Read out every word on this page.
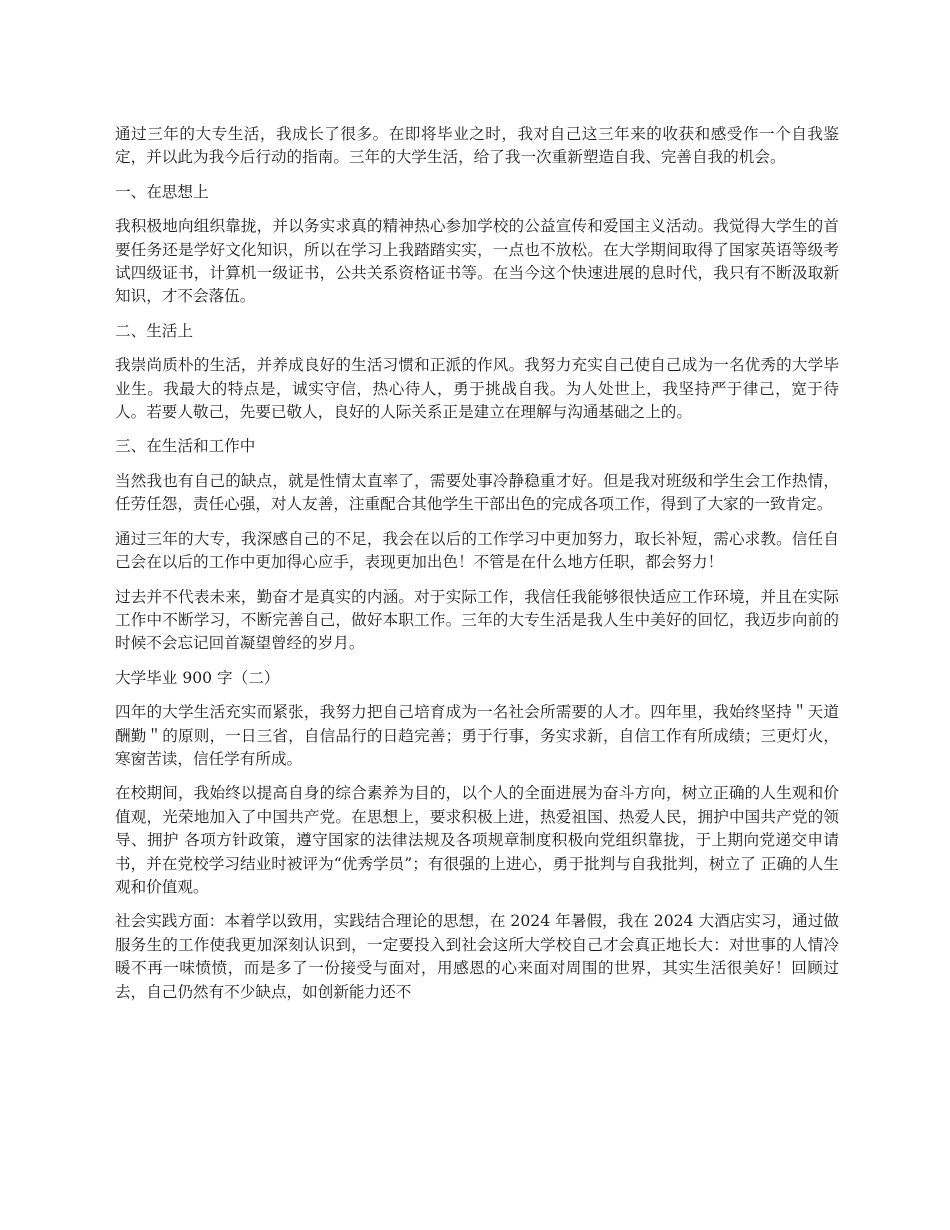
通过三年的大专生活，我成长了很多。在即将毕业之时，我对自己这三年来的收获和感受作一个自我鉴定，并以此为我今后行动的指南。三年的大学生活，给了我一次重新塑造自我、完善自我的机会。

一、在思想上

我积极地向组织靠拢，并以务实求真的精神热心参加学校的公益宣传和爱国主义活动。我觉得大学生的首要任务还是学好文化知识，所以在学习上我踏踏实实，一点也不放松。在大学期间取得了国家英语等级考试四级证书，计算机一级证书，公共关系资格证书等。在当今这个快速进展的息时代，我只有不断汲取新知识，才不会落伍。

二、生活上

我崇尚质朴的生活，并养成良好的生活习惯和正派的作风。我努力充实自己使自己成为一名优秀的大学毕业生。我最大的特点是，诚实守信，热心待人，勇于挑战自我。为人处世上，我坚持严于律己，宽于待人。若要人敬己，先要已敬人，良好的人际关系正是建立在理解与沟通基础之上的。

三、在生活和工作中

当然我也有自己的缺点，就是性情太直率了，需要处事冷静稳重才好。但是我对班级和学生会工作热情，任劳任怨，责任心强，对人友善，注重配合其他学生干部出色的完成各项工作，得到了大家的一致肯定。

通过三年的大专，我深感自己的不足，我会在以后的工作学习中更加努力，取长补短，需心求教。信任自己会在以后的工作中更加得心应手，表现更加出色！不管是在什么地方任职，都会努力！

过去并不代表未来，勤奋才是真实的内涵。对于实际工作，我信任我能够很快适应工作环境，并且在实际工作中不断学习，不断完善自己，做好本职工作。三年的大专生活是我人生中美好的回忆，我迈步向前的时候不会忘记回首凝望曾经的岁月。

大学毕业 900 字（二）

四年的大学生活充实而紧张，我努力把自己培育成为一名社会所需要的人才。四年里，我始终坚持＂天道酬勤＂的原则，一日三省，自信品行的日趋完善；勇于行事，务实求新，自信工作有所成绩；三更灯火，寒窗苦读，信任学有所成。

在校期间，我始终以提高自身的综合素养为目的，以个人的全面进展为奋斗方向，树立正确的人生观和价值观，光荣地加入了中国共产党。在思想上，要求积极上进，热爱祖国、热爱人民，拥护中国共产党的领导、拥护 各项方针政策，遵守国家的法律法规及各项规章制度积极向党组织靠拢，于上期向党递交申请书，并在党校学习结业时被评为“优秀学员”；有很强的上进心，勇于批判与自我批判，树立了 正确的人生观和价值观。

社会实践方面：本着学以致用，实践结合理论的思想，在 2024 年暑假，我在 2024 大酒店实习，通过做服务生的工作使我更加深刻认识到，一定要投入到社会这所大学校自己才会真正地长大：对世事的人情冷暖不再一味愤愤，而是多了一份接受与面对，用感恩的心来面对周围的世界，其实生活很美好！回顾过去，自己仍然有不少缺点，如创新能力还不
